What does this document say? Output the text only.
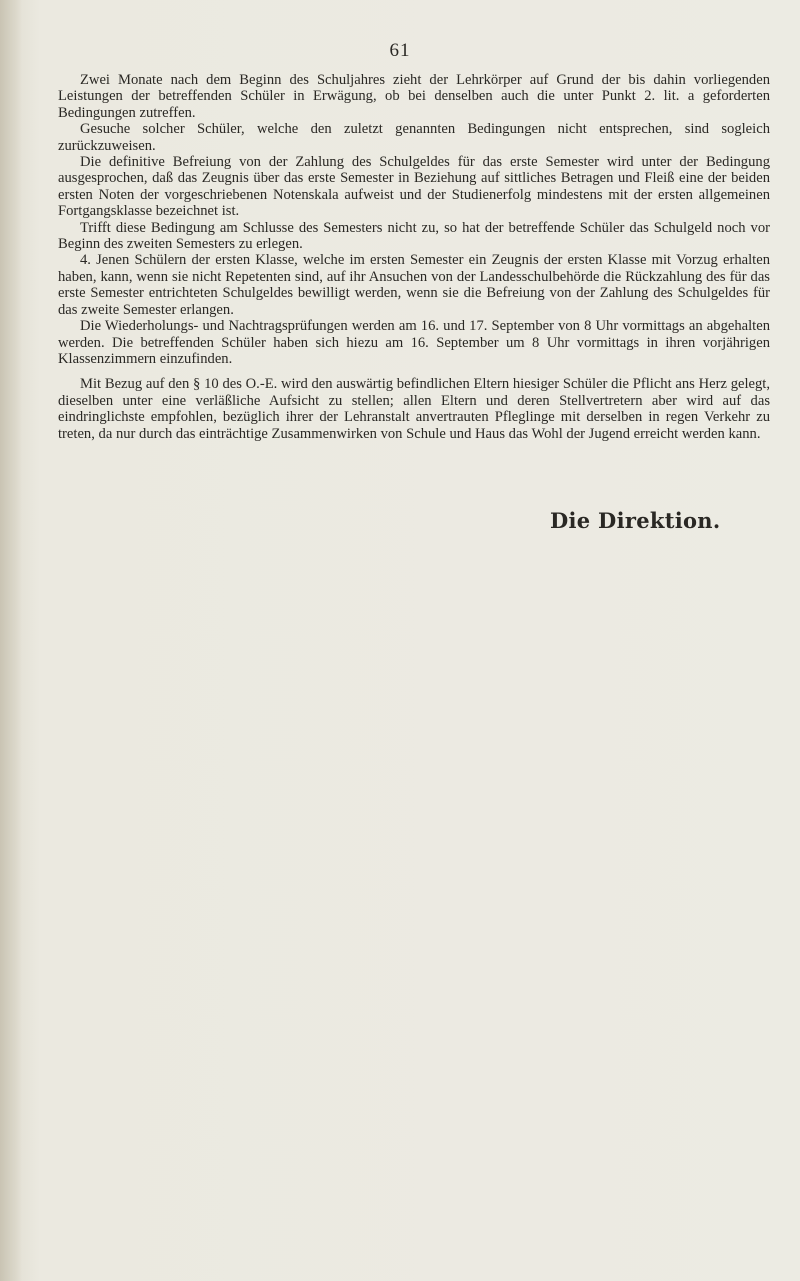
61

Zwei Monate nach dem Beginn des Schuljahres zieht der Lehrkörper auf Grund der bis dahin vorliegenden Leistungen der betreffenden Schüler in Erwägung, ob bei denselben auch die unter Punkt 2. lit. a geforderten Bedingungen zutreffen.

Gesuche solcher Schüler, welche den zuletzt genannten Bedingungen nicht entsprechen, sind sogleich zurückzuweisen.

Die definitive Befreiung von der Zahlung des Schulgeldes für das erste Semester wird unter der Bedingung ausgesprochen, daß das Zeugnis über das erste Semester in Beziehung auf sittliches Betragen und Fleiß eine der beiden ersten Noten der vorgeschriebenen Notenskala aufweist und der Studienerfolg mindestens mit der ersten allgemeinen Fortgangsklasse bezeichnet ist.

Trifft diese Bedingung am Schlusse des Semesters nicht zu, so hat der betreffende Schüler das Schulgeld noch vor Beginn des zweiten Semesters zu erlegen.

4. Jenen Schülern der ersten Klasse, welche im ersten Semester ein Zeugnis der ersten Klasse mit Vorzug erhalten haben, kann, wenn sie nicht Repetenten sind, auf ihr Ansuchen von der Landesschulbehörde die Rückzahlung des für das erste Semester entrichteten Schulgeldes bewilligt werden, wenn sie die Befreiung von der Zahlung des Schulgeldes für das zweite Semester erlangen.

Die Wiederholungs- und Nachtragsprüfungen werden am 16. und 17. September von 8 Uhr vormittags an abgehalten werden. Die betreffenden Schüler haben sich hiezu am 16. September um 8 Uhr vormittags in ihren vorjährigen Klassenzimmern einzufinden.

Mit Bezug auf den § 10 des O.-E. wird den auswärtig befindlichen Eltern hiesiger Schüler die Pflicht ans Herz gelegt, dieselben unter eine verläßliche Aufsicht zu stellen; allen Eltern und deren Stellvertretern aber wird auf das eindringlichste empfohlen, bezüglich ihrer der Lehranstalt anvertrauten Pfleglinge mit derselben in regen Verkehr zu treten, da nur durch das einträchtige Zusammenwirken von Schule und Haus das Wohl der Jugend erreicht werden kann.

Die Direktion.
